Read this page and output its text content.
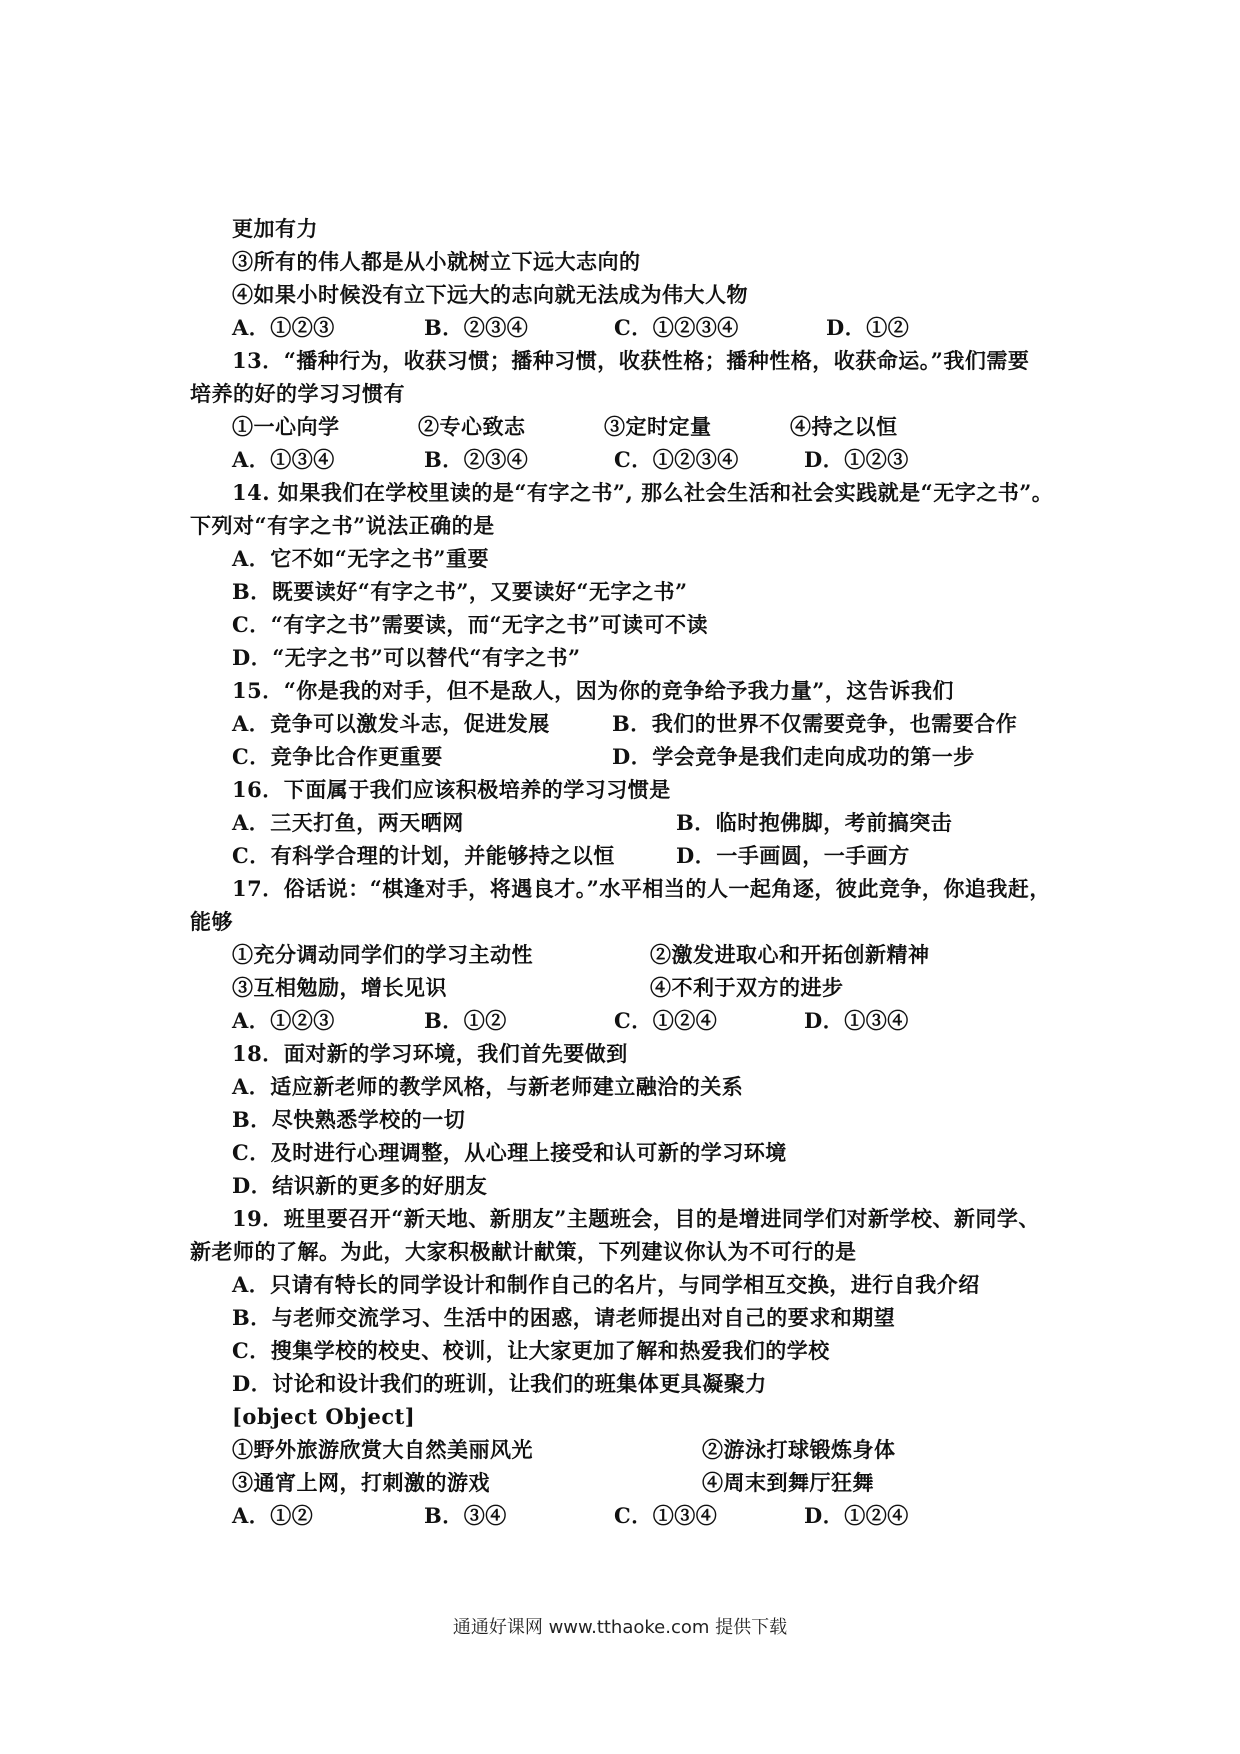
更加有力
③所有的伟人都是从小就树立下远大志向的
④如果小时候没有立下远大的志向就无法成为伟大人物
A．①②③	B．②③④	C．①②③④	D．①②
13．“播种行为，收获习惯；播种习惯，收获性格；播种性格，收获命运。”我们需要
培养的好的学习习惯有
①一心向学	②专心致志	③定时定量	④持之以恒
A．①③④	B．②③④	C．①②③④	D．①②③
14. 如果我们在学校里读的是“有字之书”, 那么社会生活和社会实践就是“无字之书”。
下列对“有字之书”说法正确的是
A．它不如“无字之书”重要
B．既要读好“有字之书”，又要读好“无字之书”
C．“有字之书”需要读，而“无字之书”可读可不读
D．“无字之书”可以替代“有字之书”
15．“你是我的对手，但不是敌人，因为你的竞争给予我力量”，这告诉我们
A．竞争可以激发斗志，促进发展	B．我们的世界不仅需要竞争，也需要合作
C．竞争比合作更重要	D．学会竞争是我们走向成功的第一步
16．下面属于我们应该积极培养的学习习惯是
A．三天打鱼，两天晒网	B．临时抱佛脚，考前搞突击
C．有科学合理的计划，并能够持之以恒	D．一手画圆，一手画方
17．俗话说：“棋逢对手，将遇良才。”水平相当的人一起角逐，彼此竞争，你追我赶，
能够
①充分调动同学们的学习主动性	②激发进取心和开拓创新精神
③互相勉励，增长见识	④不利于双方的进步
A．①②③	B．①②	C．①②④	D．①③④
18．面对新的学习环境，我们首先要做到
A．适应新老师的教学风格，与新老师建立融洽的关系
B．尽快熟悉学校的一切
C．及时进行心理调整，从心理上接受和认可新的学习环境
D．结识新的更多的好朋友
19．班里要召开“新天地、新朋友”主题班会，目的是增进同学们对新学校、新同学、
新老师的了解。为此，大家积极献计献策，下列建议你认为不可行的是
A．只请有特长的同学设计和制作自己的名片，与同学相互交换，进行自我介绍
B．与老师交流学习、生活中的困惑，请老师提出对自己的要求和期望
C．搜集学校的校史、校训，让大家更加了解和热爱我们的学校
D．讨论和设计我们的班训，让我们的班集体更具凝聚力
[object Object]
①野外旅游欣赏大自然美丽风光	②游泳打球锻炼身体
③通宵上网，打刺激的游戏	④周末到舞厅狂舞
A．①②	B．③④	C．①③④	D．①②④
通通好课网 www.tthaoke.com 提供下载
